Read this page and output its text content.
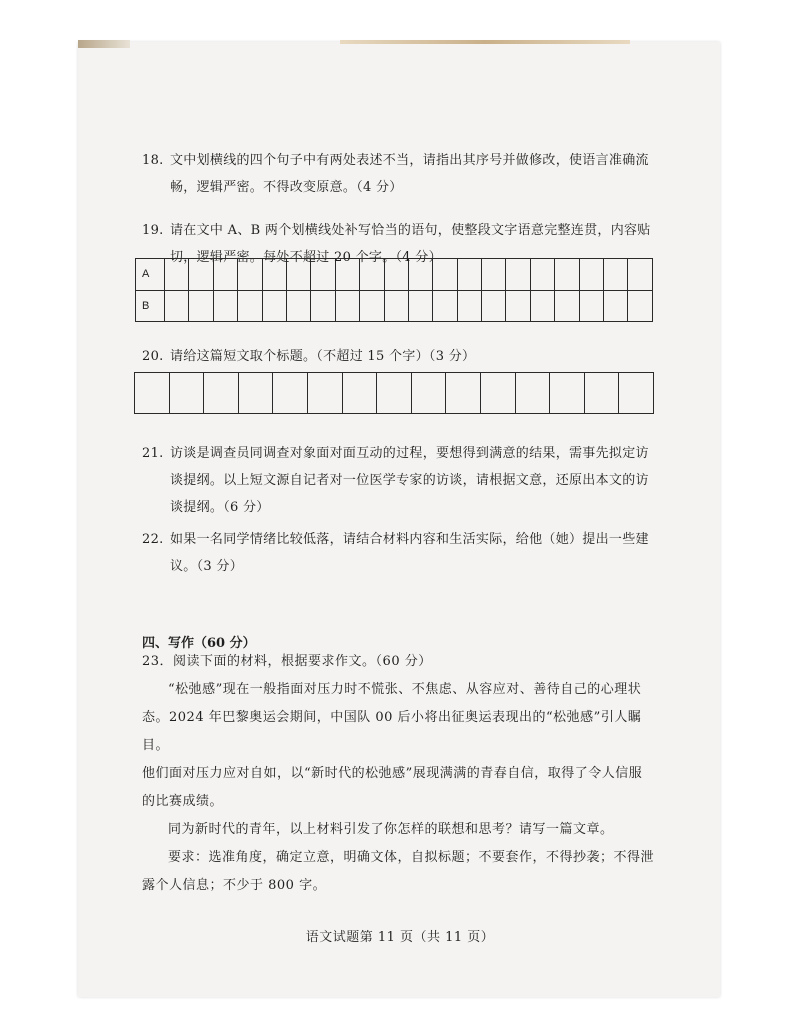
18. 文中划横线的四个句子中有两处表述不当，请指出其序号并做修改，使语言准确流
畅，逻辑严密。不得改变原意。（4 分）
19. 请在文中 A、B 两个划横线处补写恰当的语句，使整段文字语意完整连贯，内容贴
切，逻辑严密。每处不超过 20 个字。（4 分）
A																				
B																				
20. 请给这篇短文取个标题。（不超过 15 个字）（3 分）

21. 访谈是调查员同调查对象面对面互动的过程，要想得到满意的结果，需事先拟定访
谈提纲。以上短文源自记者对一位医学专家的访谈，请根据文意，还原出本文的访
谈提纲。（6 分）
22. 如果一名同学情绪比较低落，请结合材料内容和生活实际，给他（她）提出一些建
议。（3 分）
四、写作（60 分）

23．阅读下面的材料，根据要求作文。（60 分）

“松弛感”现在一般指面对压力时不慌张、不焦虑、从容应对、善待自己的心理状

态。2024 年巴黎奥运会期间，中国队 00 后小将出征奥运表现出的“松弛感”引人瞩目。

他们面对压力应对自如，以“新时代的松弛感”展现满满的青春自信，取得了令人信服

的比赛成绩。

同为新时代的青年，以上材料引发了你怎样的联想和思考？请写一篇文章。

要求：选准角度，确定立意，明确文体，自拟标题；不要套作，不得抄袭；不得泄

露个人信息；不少于 800 字。

语文试题第 11 页（共 11 页）
